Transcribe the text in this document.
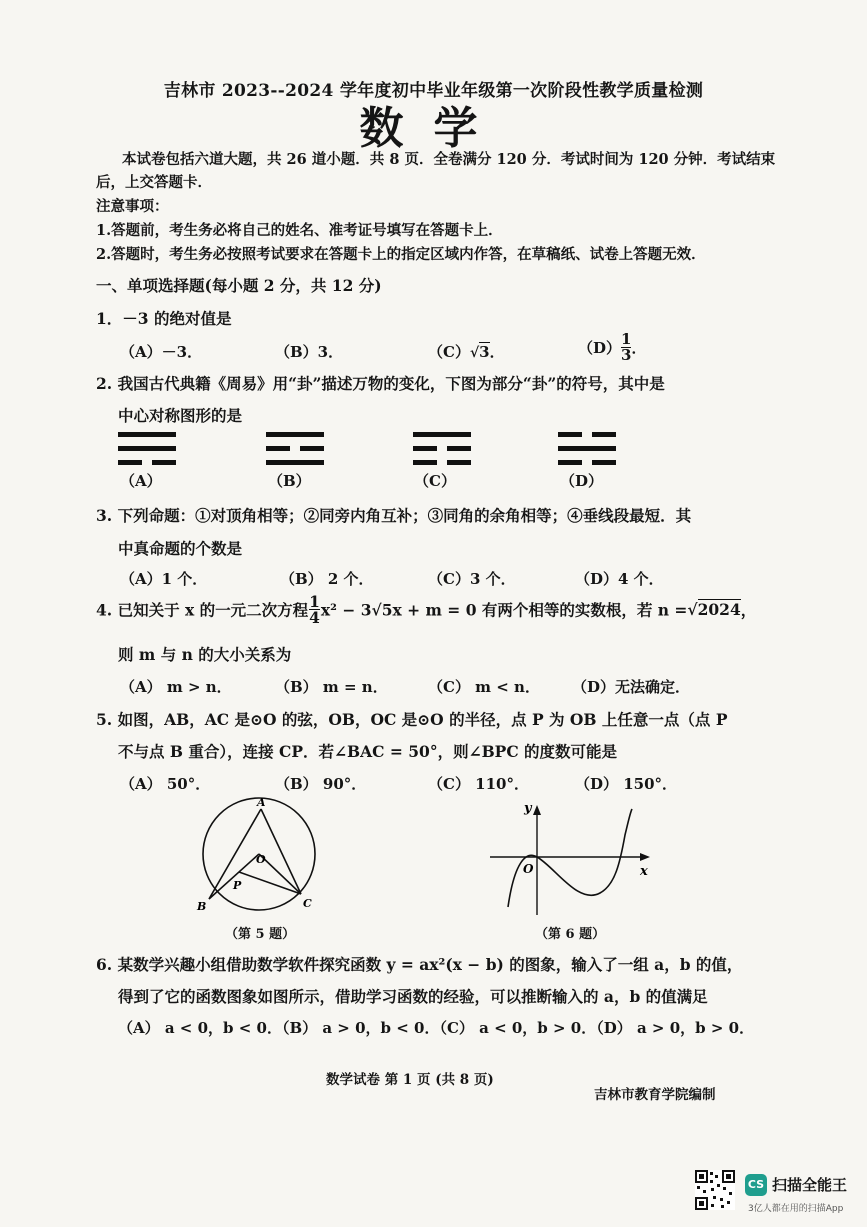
吉林市 2023--2024 学年度初中毕业年级第一次阶段性教学质量检测
数学
本试卷包括六道大题，共 26 道小题．共 8 页．全卷满分 120 分．考试时间为 120 分钟．考试结束
后，上交答题卡．
注意事项：
1.答题前，考生务必将自己的姓名、准考证号填写在答题卡上．
2.答题时，考生务必按照考试要求在答题卡上的指定区域内作答，在草稿纸、试卷上答题无效．
一、单项选择题(每小题 2 分，共 12 分)
1．－3 的绝对值是
（A）－3．	（B）3．	（C）√3．	$(D) \frac{1}{3}$ ．
2. 我国古代典籍《周易》用“卦”描述万物的变化，下图为部分“卦”的符号，其中是
中心对称图形的是
（A）	（B）	（C）	（D）
3. 下列命题：①对顶角相等；②同旁内角互补；③同角的余角相等；④垂线段最短．其
中真命题的个数是
（A）1 个．	（B） 2 个．	（C）3 个．	（D）4 个．
4. 已知关于 x 的一元二次方程 $\frac{1}{4} x^2 - 3√5x + m = 0$ 有两个相等的实数根，若 n =√2024，
则 m 与 n 的大小关系为
（A） m > n．	（B） m = n．	（C） m < n． （D）无法确定．
5. 如图，AB，AC 是⊙O 的弦，OB，OC 是⊙O 的半径，点 P 为 OB 上任意一点（点 P
不与点 B 重合），连接 CP．若∠BAC = 50°，则∠BPC 的度数可能是
（A） 50°．	（B） 90°．	（C） 110°．	（D） 150°．
A
O
P
B	C
（第 5 题）
x
y
O
（第 6 题）
6. 某数学兴趣小组借助数学软件探究函数 y = ax²(x − b) 的图象，输入了一组 a，b 的值，
得到了它的函数图象如图所示，借助学习函数的经验，可以推断输入的 a，b 的值满足
（A） a < 0，b < 0．（B） a > 0，b < 0．（C） a < 0，b > 0．（D） a > 0，b > 0．
数学试卷 第 1 页 (共 8 页)
吉林市教育学院编制
CS 扫描全能王
3亿人都在用的扫描App
